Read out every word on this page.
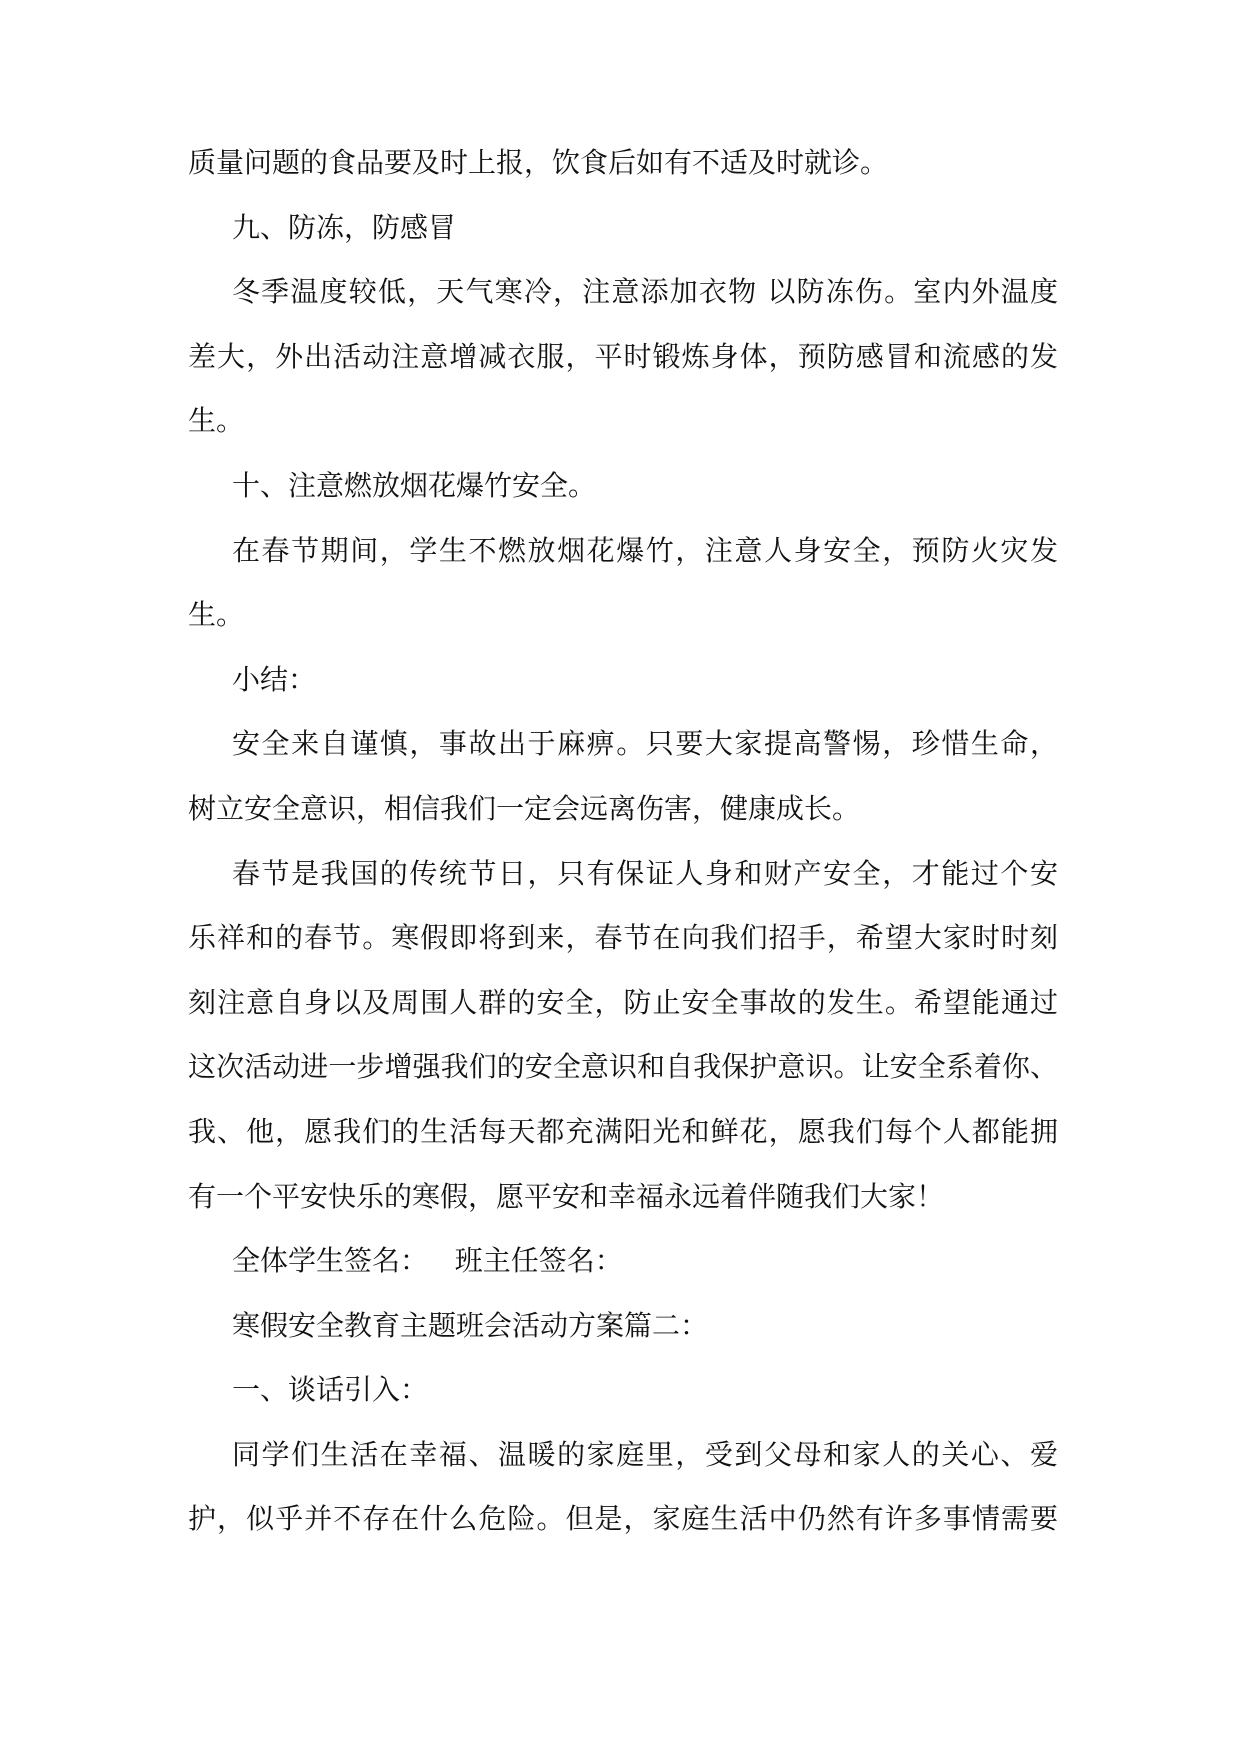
质量问题的食品要及时上报，饮食后如有不适及时就诊。
九、防冻，防感冒
冬季温度较低，天气寒冷，注意添加衣物 以防冻伤。室内外温度
差大，外出活动注意增减衣服，平时锻炼身体，预防感冒和流感的发
生。
十、注意燃放烟花爆竹安全。
在春节期间，学生不燃放烟花爆竹，注意人身安全，预防火灾发
生。
小结：
安全来自谨慎，事故出于麻痹。只要大家提高警惕，珍惜生命，
树立安全意识，相信我们一定会远离伤害，健康成长。
春节是我国的传统节日，只有保证人身和财产安全，才能过个安
乐祥和的春节。寒假即将到来，春节在向我们招手，希望大家时时刻
刻注意自身以及周围人群的安全，防止安全事故的发生。希望能通过
这次活动进一步增强我们的安全意识和自我保护意识。让安全系着你、
我、他，愿我们的生活每天都充满阳光和鲜花，愿我们每个人都能拥
有一个平安快乐的寒假，愿平安和幸福永远着伴随我们大家！
全体学生签名：   班主任签名：
寒假安全教育主题班会活动方案篇二：
一、谈话引入：
同学们生活在幸福、温暖的家庭里，受到父母和家人的关心、爱
护，似乎并不存在什么危险。但是，家庭生活中仍然有许多事情需要
